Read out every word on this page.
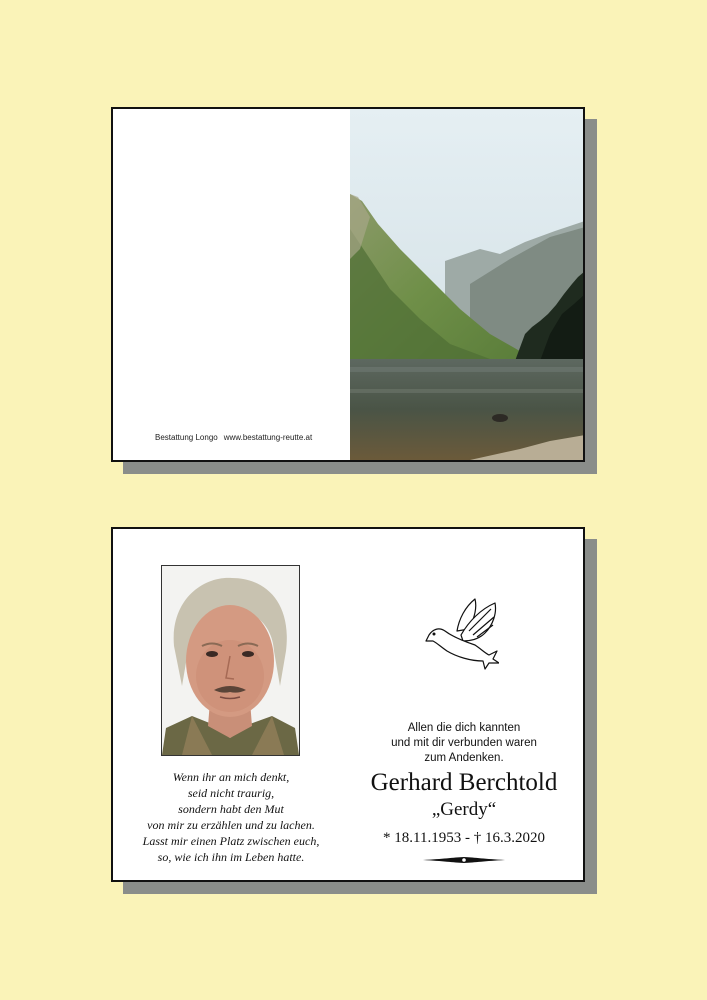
Bestattung Longo www.bestattung-reutte.at
Wenn ihr an mich denkt,
seid nicht traurig,
sondern habt den Mut
von mir zu erzählen und zu lachen.
Lasst mir einen Platz zwischen euch,
so, wie ich ihn im Leben hatte.
Allen die dich kannten
und mit dir verbunden waren
zum Andenken.
Gerhard Berchtold
„Gerdy“
* 18.11.1953 - † 16.3.2020
